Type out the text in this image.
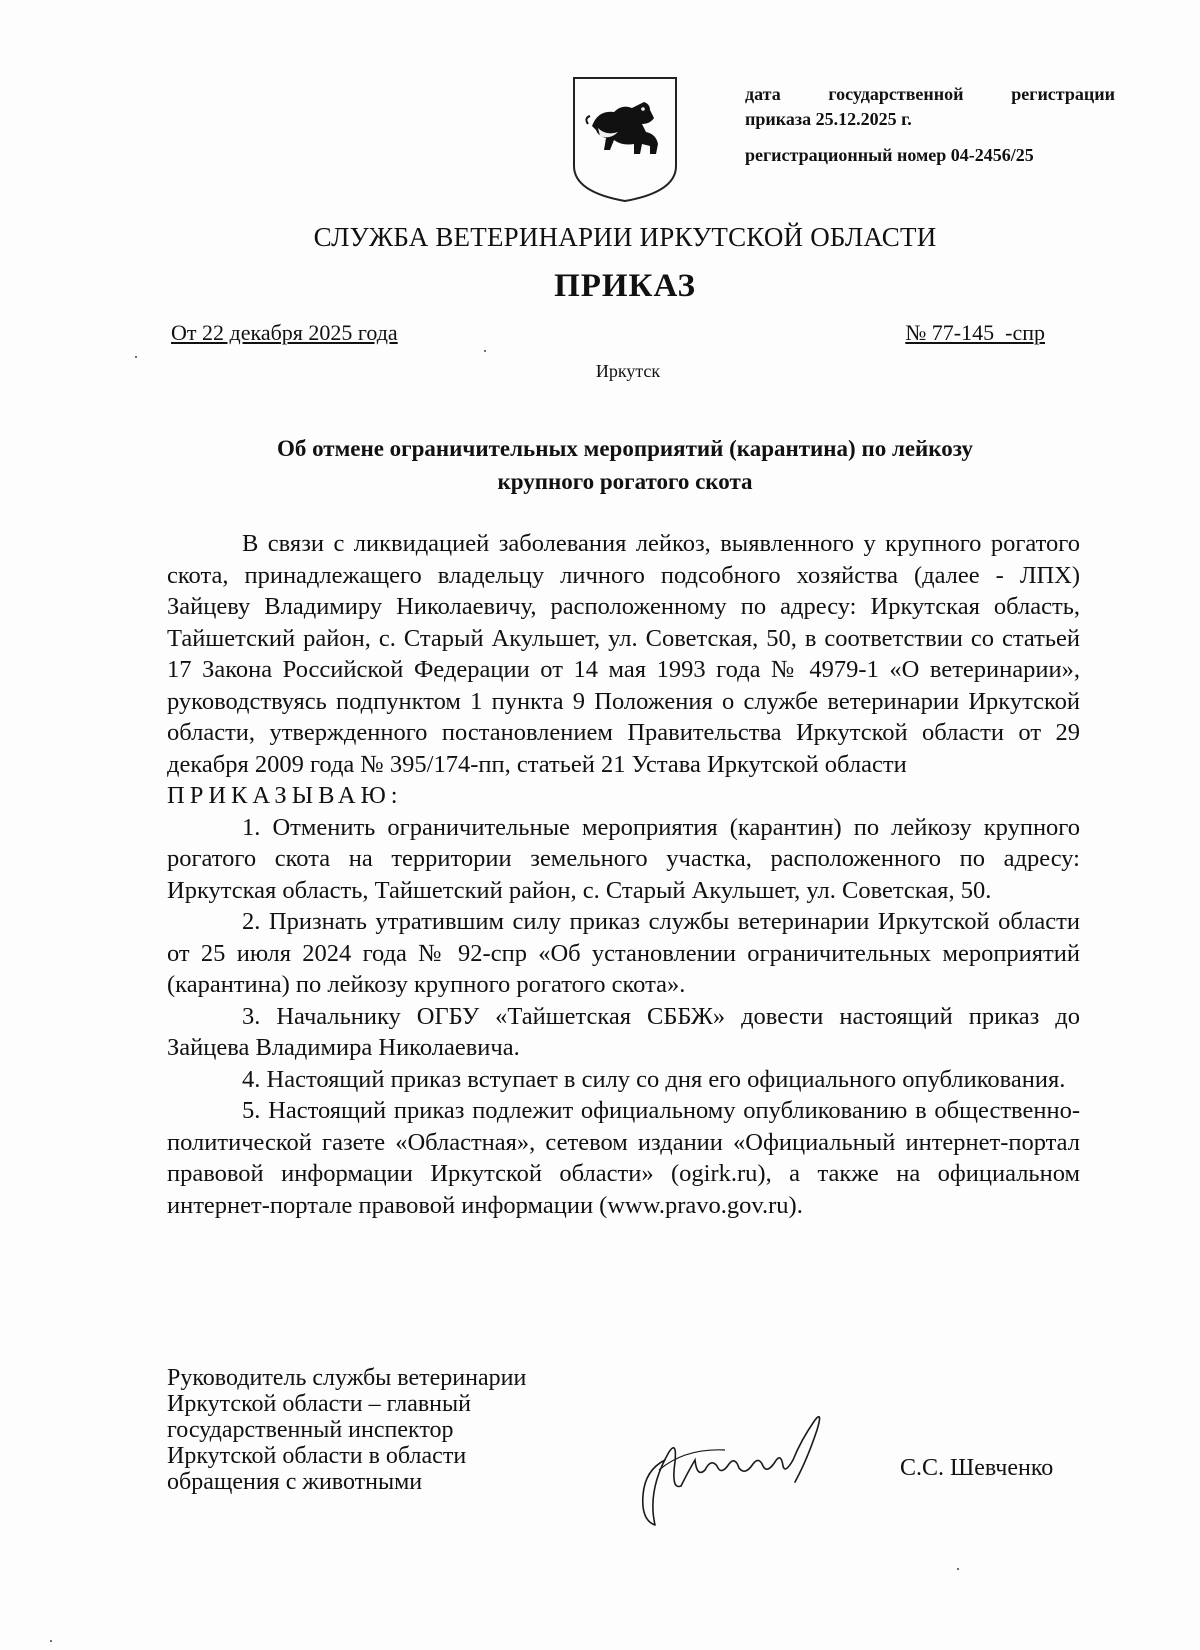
дата	государственной	регистрации
приказа 25.12.2025 г.
регистрационный номер 04-2456/25
СЛУЖБА ВЕТЕРИНАРИИ ИРКУТСКОЙ ОБЛАСТИ
ПРИКАЗ
От 22 декабря 2025 года	№ 77-145  -спр
Иркутск
Об отмене ограничительных мероприятий (карантина) по лейкозу
крупного рогатого скота

В связи с ликвидацией заболевания лейкоз, выявленного у крупного рогатого скота, принадлежащего владельцу личного подсобного хозяйства (далее - ЛПХ) Зайцеву Владимиру Николаевичу, расположенному по адресу: Иркутская область, Тайшетский район, с. Старый Акульшет, ул. Советская, 50, в соответствии со статьей 17 Закона Российской Федерации от 14 мая 1993 года № 4979-1 «О ветеринарии», руководствуясь подпунктом 1 пункта 9 Положения о службе ветеринарии Иркутской области, утвержденного постановлением Правительства Иркутской области от 29 декабря 2009 года № 395/174-пп, статьей 21 Устава Иркутской области

ПРИКАЗЫВАЮ:

1. Отменить ограничительные мероприятия (карантин) по лейкозу крупного рогатого скота на территории земельного участка, расположенного по адресу: Иркутская область, Тайшетский район, с. Старый Акульшет, ул. Советская, 50.

2. Признать утратившим силу приказ службы ветеринарии Иркутской области от 25 июля 2024 года № 92-спр «Об установлении ограничительных мероприятий (карантина) по лейкозу крупного рогатого скота».

3. Начальнику ОГБУ «Тайшетская СББЖ» довести настоящий приказ до Зайцева Владимира Николаевича.

4. Настоящий приказ вступает в силу со дня его официального опубликования.

5. Настоящий приказ подлежит официальному опубликованию в общественно-политической газете «Областная», сетевом издании «Официальный интернет-портал правовой информации Иркутской области» (ogirk.ru), а также на официальном интернет-портале правовой информации (www.pravo.gov.ru).

Руководитель службы ветеринарии
Иркутской области – главный
государственный инспектор
Иркутской области в области
обращения с животными
С.С. Шевченко
